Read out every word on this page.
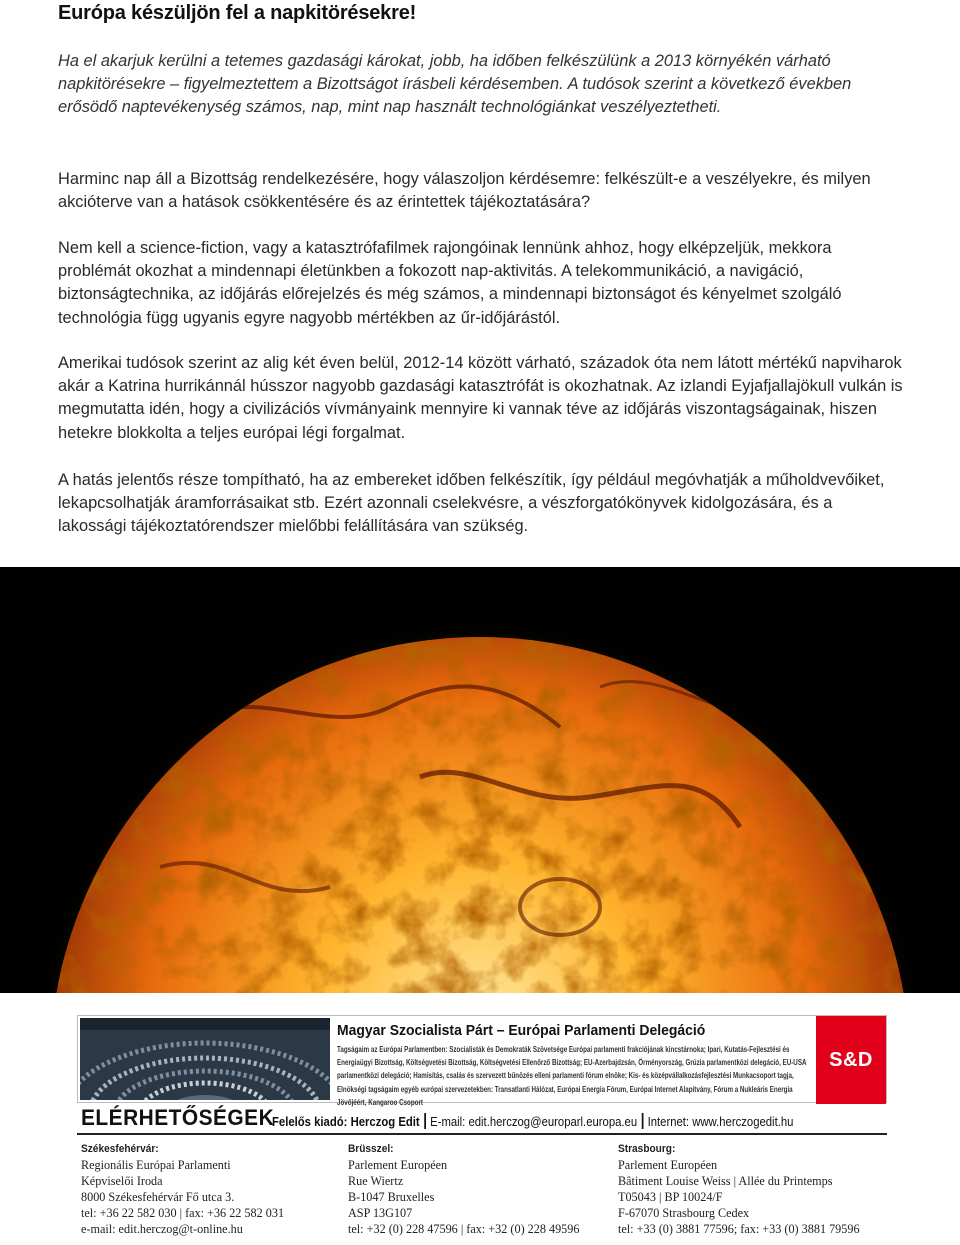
Európa készüljön fel a napkitörésekre!

Ha el akarjuk kerülni a tetemes gazdasági károkat, jobb, ha időben felkészülünk a 2013 környékén várható napkitörésekre – figyelmeztettem a Bizottságot írásbeli kérdésemben. A tudósok szerint a következő években erősödő naptevékenység számos, nap, mint nap használt technológiánkat veszélyeztetheti.

Harminc nap áll a Bizottság rendelkezésére, hogy válaszoljon kérdésemre: felkészült-e a veszélyekre, és milyen akcióterve van a hatások csökkentésére és az érintettek tájékoztatására?

Nem kell a science-fiction, vagy a katasztrófafilmek rajongóinak lennünk ahhoz, hogy elképzeljük, mekkora problémát okozhat a mindennapi életünkben a fokozott nap-aktivitás. A telekommunikáció, a navigáció, biztonságtechnika, az időjárás előrejelzés és még számos, a mindennapi biztonságot és kényelmet szolgáló technológia függ ugyanis egyre nagyobb mértékben az űr-időjárástól.

Amerikai tudósok szerint az alig két éven belül, 2012-14 között várható, századok óta nem látott mértékű napviharok akár a Katrina hurrikánnál hússzor nagyobb gazdasági katasztrófát is okozhatnak. Az izlandi Eyjafjallajökull vulkán is megmutatta idén, hogy a civilizációs vívmányaink mennyire ki vannak téve az időjárás viszontagságainak, hiszen hetekre blokkolta a teljes európai légi forgalmat.

A hatás jelentős része tompítható, ha az embereket időben felkészítik, így például megóvhatják a műholdvevőiket, lekapcsolhatják áramforrásaikat stb. Ezért azonnali cselekvésre, a vészforgatókönyvek kidolgozására, és a lakossági tájékoztatórendszer mielőbbi felállítására van szükség.

Magyar Szocialista Párt – Európai Parlamenti Delegáció
Tagságaim az Európai Parlamentben: Szocialisták és Demokraták Szövetsége Európai parlamenti frakciójának kincstárnoka; Ipari, Kutatás-Fejlesztési és Energiaügyi Bizottság, Költségvetési Bizottság, Költségvetési Ellenőrző Bizottság; EU-Azerbajdzsán, Örményország, Grúzia parlamentközi delegáció, EU-USA parlamentközi delegáció; Hamisítás, csalás és szervezett bűnözés elleni parlamenti fórum elnöke; Kis- és középvállalkozásfejlesztési Munkacsoport tagja, Elnökségi tagságaim egyéb európai szervezetekben: Transatlanti Hálózat, Európai Energia Fórum, Európai Internet Alapítvány, Fórum a Nukleáris Energia Jövőjéért, Kangaroo Csoport
S&D
ELÉRHETŐSÉGEK
Felelős kiadó: Herczog Edit E-mail: edit.herczog@europarl.europa.eu Internet: www.herczogedit.hu
Székesfehérvár:
Regionális Európai Parlamenti
Képviselői Iroda
8000 Székesfehérvár Fő utca 3.
tel: +36 22 582 030 | fax: +36 22 582 031
e-mail: edit.herczog@t-online.hu
Brüsszel:
Parlement Européen
Rue Wiertz
B-1047 Bruxelles
ASP 13G107
tel: +32 (0) 228 47596 | fax: +32 (0) 228 49596
Strasbourg:
Parlement Européen
Bâtiment Louise Weiss | Allée du Printemps
T05043 | BP 10024/F
F-67070 Strasbourg Cedex
tel: +33 (0) 3881 77596; fax: +33 (0) 3881 79596
